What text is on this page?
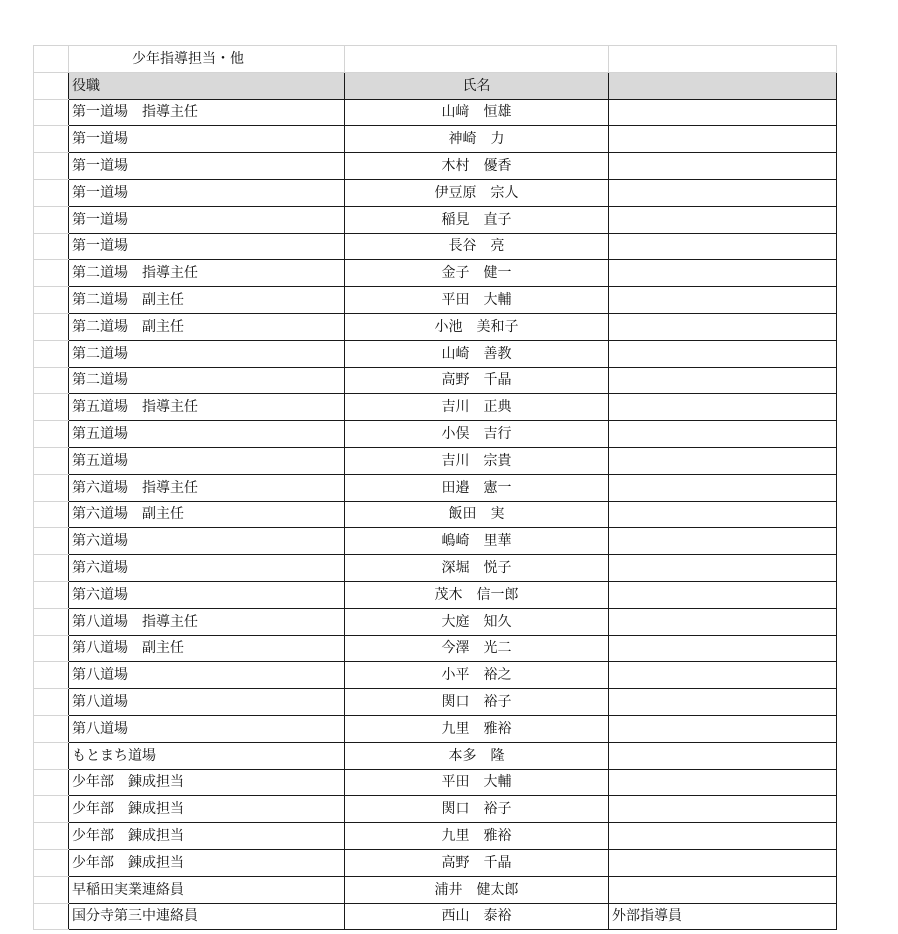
	少年指導担当・他		
	役職	氏名	
	第一道場　指導主任	山﨑　恒雄	
	第一道場	神崎　力	
	第一道場	木村　優香	
	第一道場	伊豆原　宗人	
	第一道場	稲見　直子	
	第一道場	長谷　亮	
	第二道場　指導主任	金子　健一	
	第二道場　副主任	平田　大輔	
	第二道場　副主任	小池　美和子	
	第二道場	山崎　善教	
	第二道場	高野　千晶	
	第五道場　指導主任	吉川　正典	
	第五道場	小俣　吉行	
	第五道場	吉川　宗貴	
	第六道場　指導主任	田邉　憲一	
	第六道場　副主任	飯田　実	
	第六道場	嶋崎　里華	
	第六道場	深堀　悦子	
	第六道場	茂木　信一郎	
	第八道場　指導主任	大庭　知久	
	第八道場　副主任	今澤　光二	
	第八道場	小平　裕之	
	第八道場	関口　裕子	
	第八道場	九里　雅裕	
	もとまち道場	本多　隆	
	少年部　錬成担当	平田　大輔	
	少年部　錬成担当	関口　裕子	
	少年部　錬成担当	九里　雅裕	
	少年部　錬成担当	高野　千晶	
	早稲田実業連絡員	浦井　健太郎	
	国分寺第三中連絡員	西山　泰裕	外部指導員
